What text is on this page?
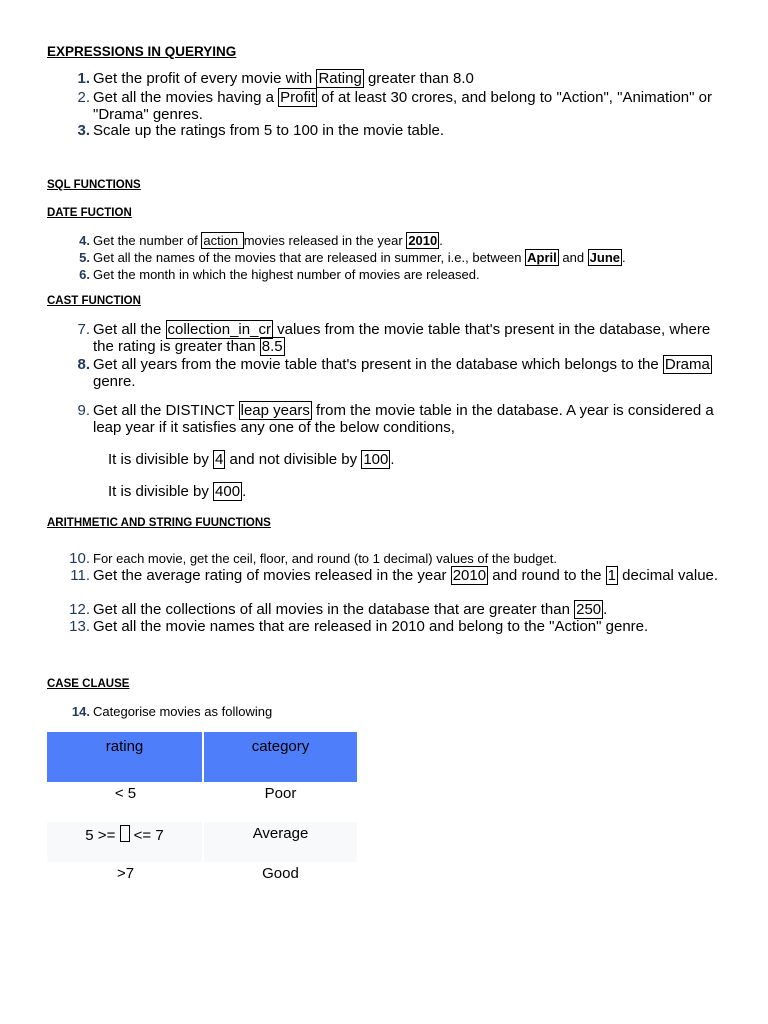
EXPRESSIONS IN QUERYING
1. Get the profit of every movie with Rating greater than 8.0
2. Get all the movies having a Profit of at least 30 crores, and belong to "Action", "Animation" or "Drama" genres.
3. Scale up the ratings from 5 to 100 in the movie table.
SQL FUNCTIONS
DATE FUCTION
4. Get the number of action movies released in the year 2010 .
5. Get all the names of the movies that are released in summer, i.e., between April and June .
6. Get the month in which the highest number of movies are released.
CAST FUNCTION
7. Get all the collection_in_cr values from the movie table that's present in the database, where the rating is greater than 8.5
8. Get all years from the movie table that's present in the database which belongs to the Drama genre.
9. Get all the DISTINCT leap years from the movie table in the database. A year is considered a leap year if it satisfies any one of the below conditions,
It is divisible by 4 and not divisible by 100 .
It is divisible by 400 .
ARITHMETIC AND STRING FUUNCTIONS
10. For each movie, get the ceil, floor, and round (to 1 decimal) values of the budget.
11. Get the average rating of movies released in the year 2010 and round to the 1 decimal value.
12. Get all the collections of all movies in the database that are greater than 250 .
13. Get all the movie names that are released in 2010 and belong to the "Action" genre.
CASE CLAUSE
14. Categorise movies as following
rating	category
< 5	Poor
5 >=  <= 7	Average
>7	Good
